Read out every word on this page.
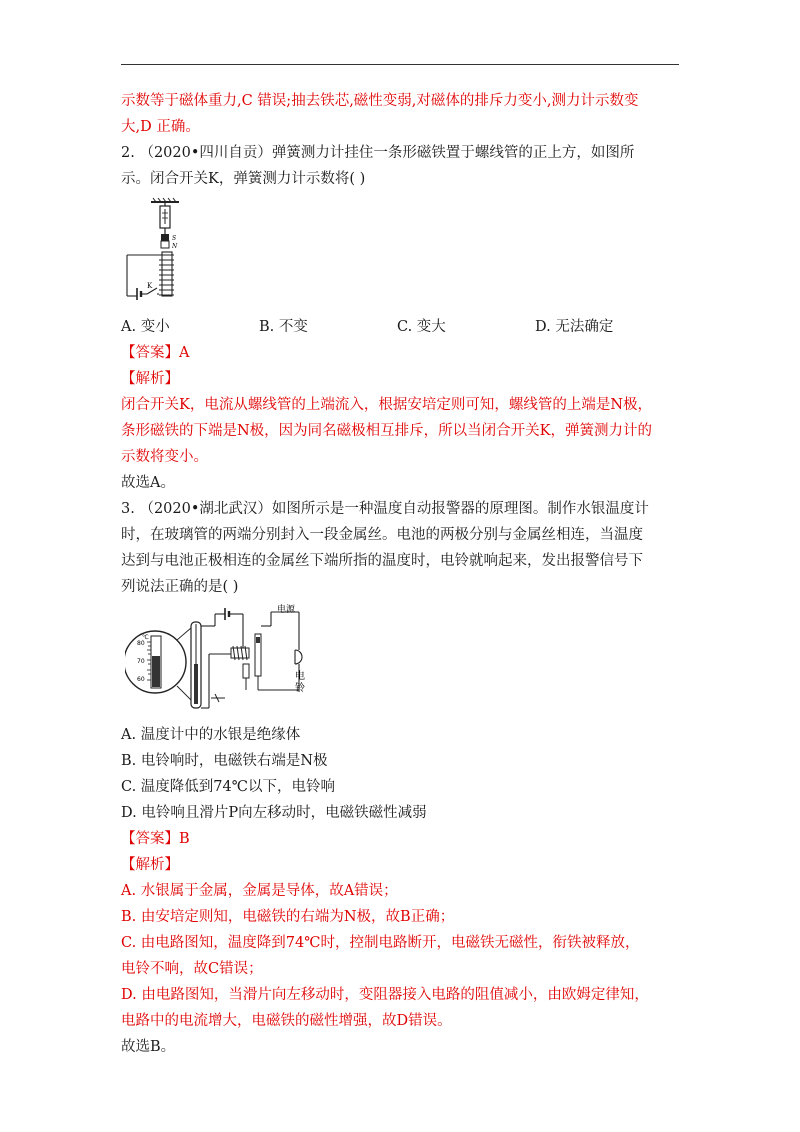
示数等于磁体重力,C 错误;抽去铁芯,磁性变弱,对磁体的排斥力变小,测力计示数变

大,D 正确。

2. （2020•四川自贡）弹簧测力计挂住一条形磁铁置于螺线管的正上方，如图所

示。闭合开关K，弹簧测力计示数将( )

S
N
K
A. 变小	B. 不变	C. 变大	D. 无法确定

【答案】A

【解析】

闭合开关K，电流从螺线管的上端流入，根据安培定则可知，螺线管的上端是N极，

条形磁铁的下端是N极，因为同名磁极相互排斥，所以当闭合开关K，弹簧测力计的

示数将变小。

故选A。

3. （2020•湖北武汉）如图所示是一种温度自动报警器的原理图。制作水银温度计

时，在玻璃管的两端分别封入一段金属丝。电池的两极分别与金属丝相连，当温度

达到与电池正极相连的金属丝下端所指的温度时，电铃就响起来，发出报警信号下

列说法正确的是( )

℃
80
70
60
电源
电
铃

A. 温度计中的水银是绝缘体

B. 电铃响时，电磁铁右端是N极

C. 温度降低到74℃以下，电铃响

D. 电铃响且滑片P向左移动时，电磁铁磁性减弱

【答案】B

【解析】

A. 水银属于金属，金属是导体，故A错误；

B. 由安培定则知，电磁铁的右端为N极，故B正确；

C. 由电路图知，温度降到74℃时，控制电路断开，电磁铁无磁性，衔铁被释放，

电铃不响，故C错误；

D. 由电路图知，当滑片向左移动时，变阻器接入电路的阻值减小，由欧姆定律知，

电路中的电流增大，电磁铁的磁性增强，故D错误。

故选B。
